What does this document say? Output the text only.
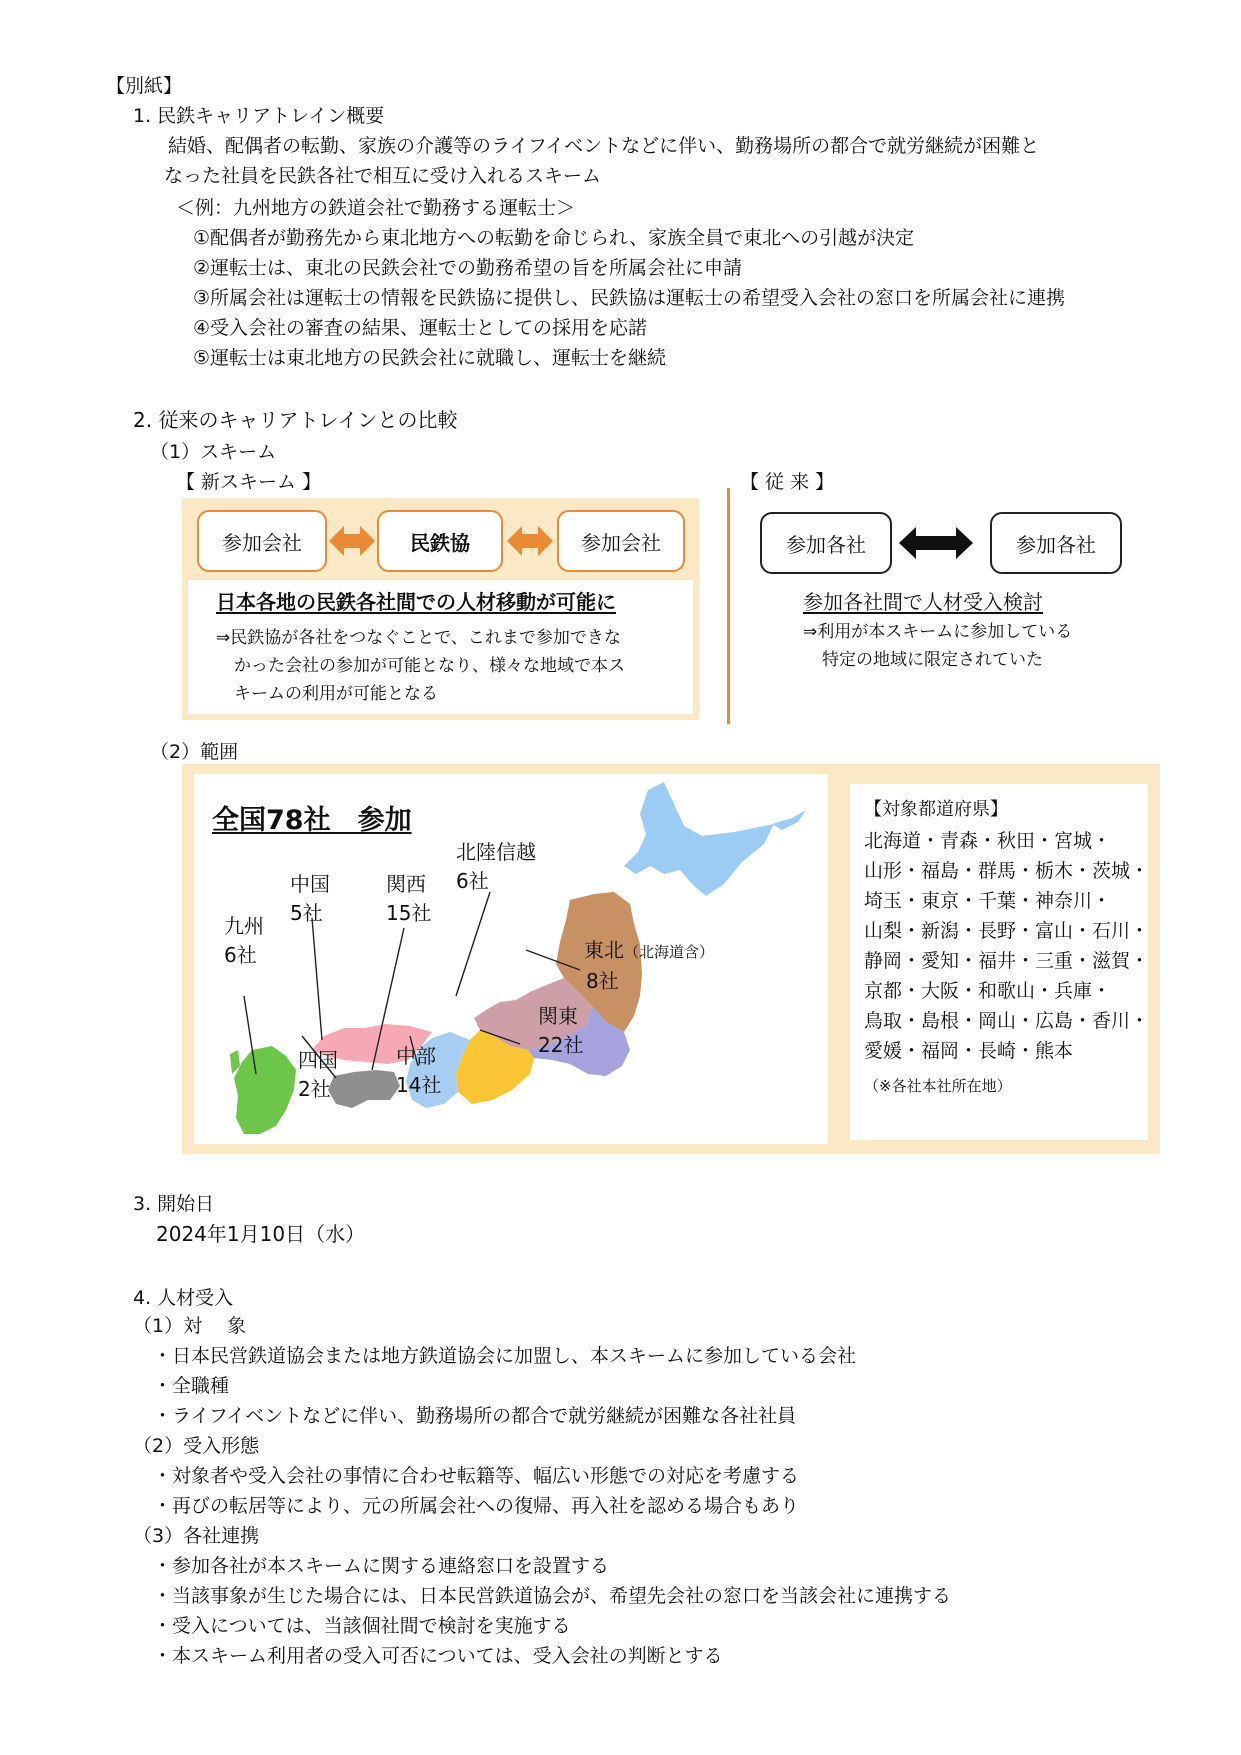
【別紙】
1. 民鉄キャリアトレイン概要
結婚、配偶者の転勤、家族の介護等のライフイベントなどに伴い、勤務場所の都合で就労継続が困難と
なった社員を民鉄各社で相互に受け入れるスキーム
＜例：九州地方の鉄道会社で勤務する運転士＞
①配偶者が勤務先から東北地方への転勤を命じられ、家族全員で東北への引越が決定
②運転士は、東北の民鉄会社での勤務希望の旨を所属会社に申請
③所属会社は運転士の情報を民鉄協に提供し、民鉄協は運転士の希望受入会社の窓口を所属会社に連携
④受入会社の審査の結果、運転士としての採用を応諾
⑤運転士は東北地方の民鉄会社に就職し、運転士を継続
2. 従来のキャリアトレインとの比較
（1）スキーム
【 新スキーム 】	【 従 来 】
参加会社	民鉄協	参加会社
日本各地の民鉄各社間での人材移動が可能に
⇒民鉄協が各社をつなぐことで、これまで参加できな
かった会社の参加が可能となり、様々な地域で本ス
キームの利用が可能となる
参加各社	参加各社
参加各社間で人材受入検討
⇒利用が本スキームに参加している
特定の地域に限定されていた
（2）範囲
全国78社　参加
九州
6社
中国
5社
関西
15社
北陸信越
6社
東北（北海道含）
8社
四国
2社
中部
14社
関東
22社
【対象都道府県】
北海道・青森・秋田・宮城・
山形・福島・群馬・栃木・茨城・
埼玉・東京・千葉・神奈川・
山梨・新潟・長野・富山・石川・
静岡・愛知・福井・三重・滋賀・
京都・大阪・和歌山・兵庫・
鳥取・島根・岡山・広島・香川・
愛媛・福岡・長崎・熊本
（※各社本社所在地）
3. 開始日
2024年1月10日（水）
4. 人材受入
（1）対　 象
・日本民営鉄道協会または地方鉄道協会に加盟し、本スキームに参加している会社
・全職種
・ライフイベントなどに伴い、勤務場所の都合で就労継続が困難な各社社員
（2）受入形態
・対象者や受入会社の事情に合わせ転籍等、幅広い形態での対応を考慮する
・再びの転居等により、元の所属会社への復帰、再入社を認める場合もあり
（3）各社連携
・参加各社が本スキームに関する連絡窓口を設置する
・当該事象が生じた場合には、日本民営鉄道協会が、希望先会社の窓口を当該会社に連携する
・受入については、当該個社間で検討を実施する
・本スキーム利用者の受入可否については、受入会社の判断とする
